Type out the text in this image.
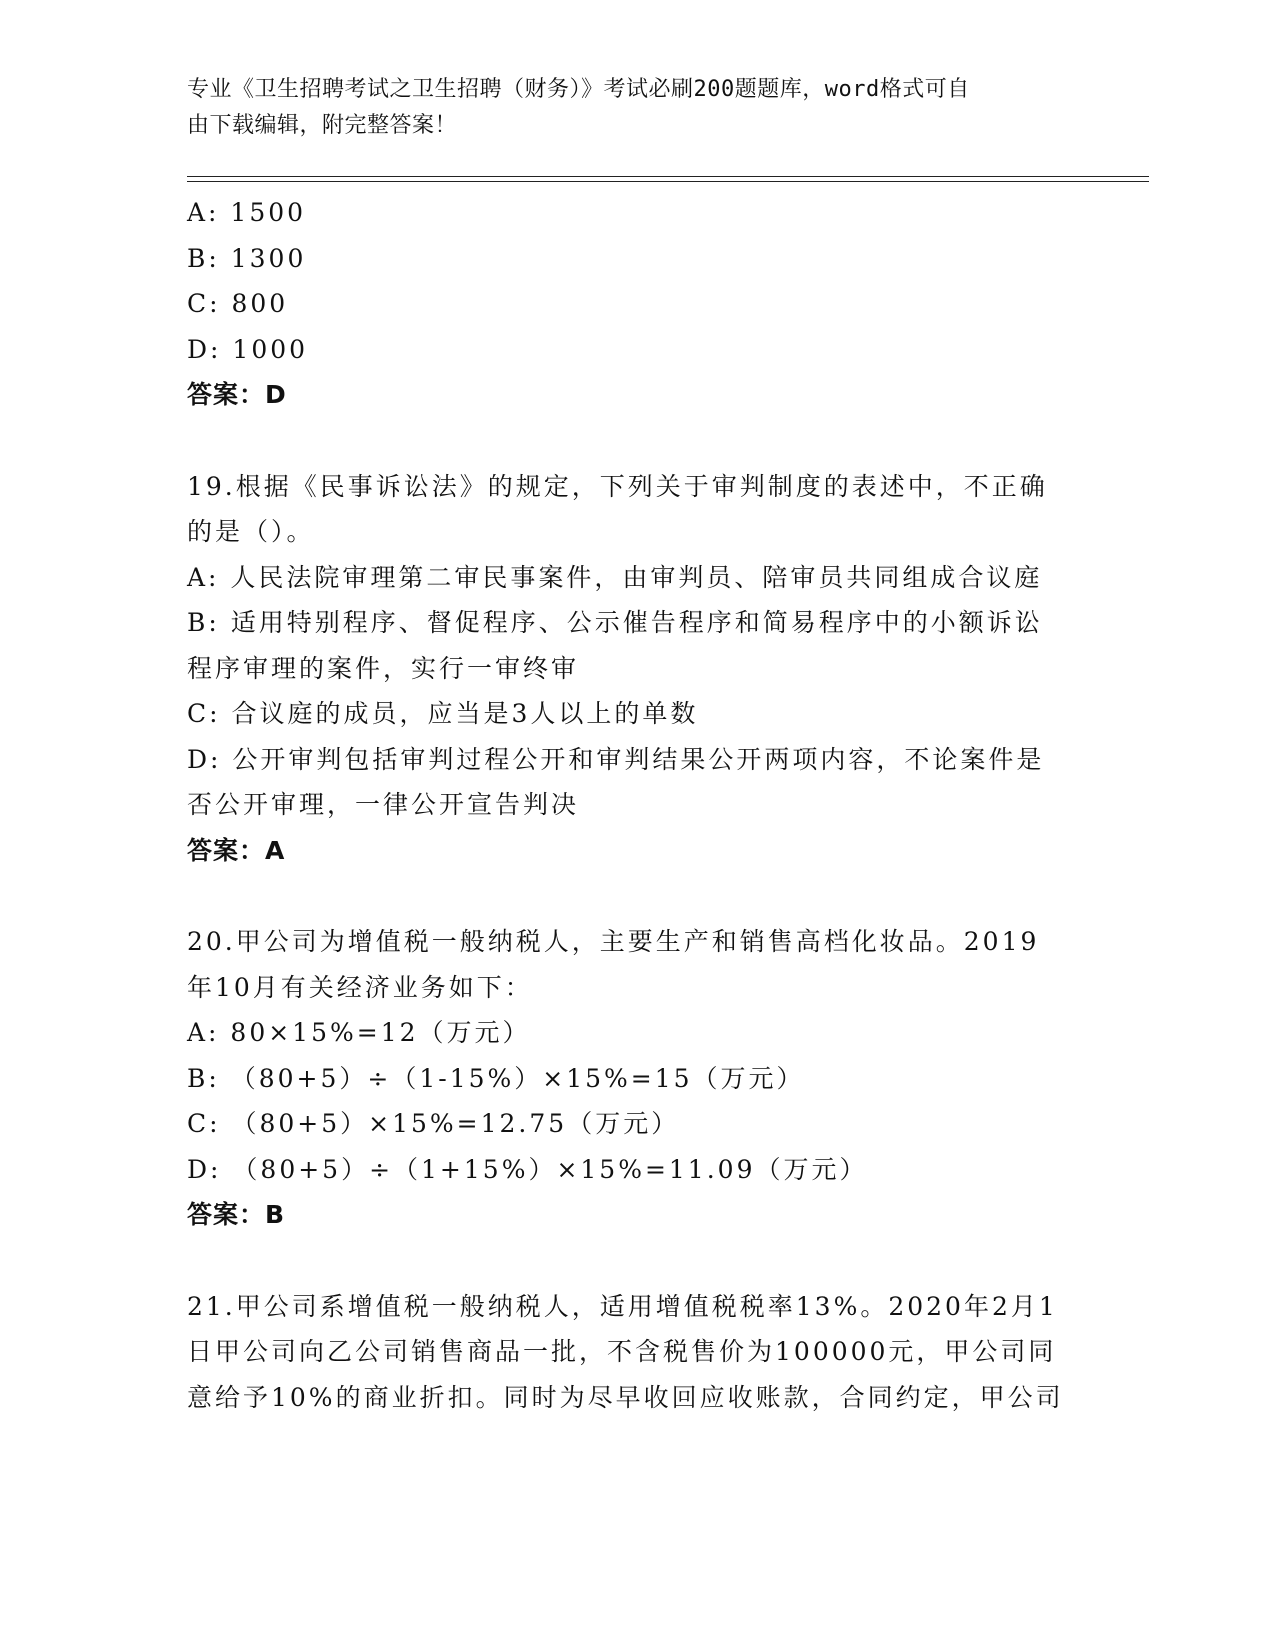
专业《卫生招聘考试之卫生招聘（财务）》考试必刷200题题库，word格式可自
由下载编辑，附完整答案！
A: 1500
B: 1300
C: 800
D: 1000
答案：D
19.根据《民事诉讼法》的规定，下列关于审判制度的表述中，不正确
的是（）。
A: 人民法院审理第二审民事案件，由审判员、陪审员共同组成合议庭
B: 适用特别程序、督促程序、公示催告程序和简易程序中的小额诉讼
程序审理的案件，实行一审终审
C: 合议庭的成员，应当是3人以上的单数
D: 公开审判包括审判过程公开和审判结果公开两项内容，不论案件是
否公开审理，一律公开宣告判决
答案：A
20.甲公司为增值税一般纳税人，主要生产和销售高档化妆品。2019
年10月有关经济业务如下：
A: 80×15%=12（万元）
B: （80+5）÷（1-15%）×15%=15（万元）
C: （80+5）×15%=12.75（万元）
D: （80+5）÷（1+15%）×15%=11.09（万元）
答案：B
21.甲公司系增值税一般纳税人，适用增值税税率13%。2020年2月1
日甲公司向乙公司销售商品一批，不含税售价为100000元，甲公司同
意给予10%的商业折扣。同时为尽早收回应收账款，合同约定，甲公司
